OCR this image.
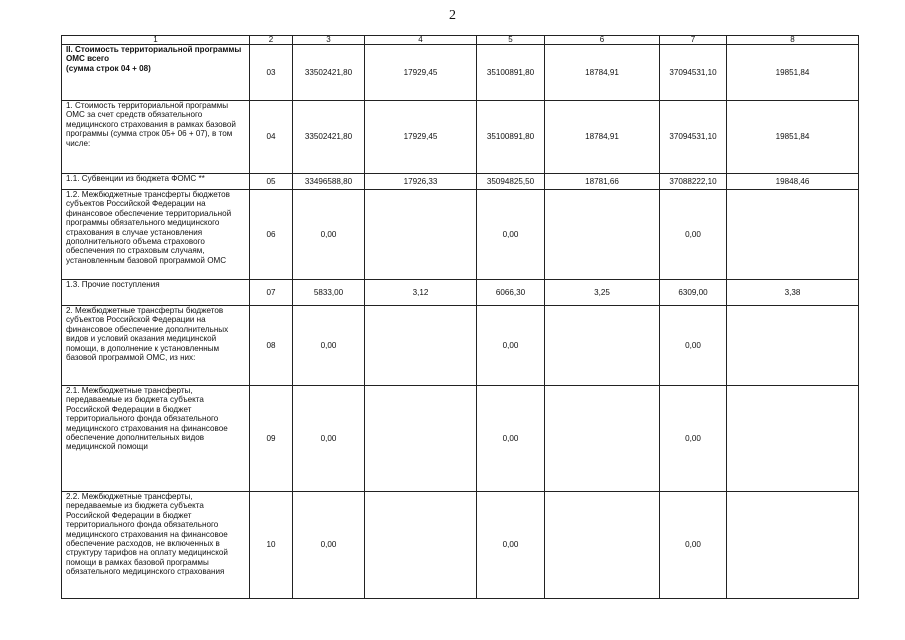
2
1	2	3	4	5	6	7	8
II. Стоимость территориальной программы ОМС всего
(сумма строк 04 + 08)	03	33502421,80	17929,45	35100891,80	18784,91	37094531,10	19851,84
1. Стоимость территориальной программы ОМС за счет средств обязательного медицинского страхования в рамках базовой программы (сумма строк 05+ 06 + 07), в том числе:	04	33502421,80	17929,45	35100891,80	18784,91	37094531,10	19851,84
1.1. Субвенции из бюджета ФОМС **	05	33496588,80	17926,33	35094825,50	18781,66	37088222,10	19848,46
1.2. Межбюджетные трансферты бюджетов субъектов Российской Федерации на финансовое обеспечение территориальной программы обязательного медицинского страхования в случае установления дополнительного объема страхового обеспечения по страховым случаям, установленным базовой программой ОМС	06	0,00		0,00		0,00	
1.3. Прочие поступления	07	5833,00	3,12	6066,30	3,25	6309,00	3,38
2. Межбюджетные трансферты бюджетов субъектов Российской Федерации на финансовое обеспечение дополнительных видов и условий оказания медицинской помощи, в дополнение к установленным базовой программой ОМС, из них:	08	0,00		0,00		0,00	
2.1. Межбюджетные трансферты, передаваемые из бюджета субъекта Российской Федерации в бюджет территориального фонда обязательного медицинского страхования на финансовое обеспечение дополнительных видов медицинской помощи	09	0,00		0,00		0,00	
2.2. Межбюджетные трансферты, передаваемые из бюджета субъекта Российской Федерации в бюджет территориального фонда обязательного медицинского страхования на финансовое обеспечение расходов, не включенных в структуру тарифов на оплату медицинской помощи в рамках базовой программы обязательного медицинского страхования	10	0,00		0,00		0,00	
